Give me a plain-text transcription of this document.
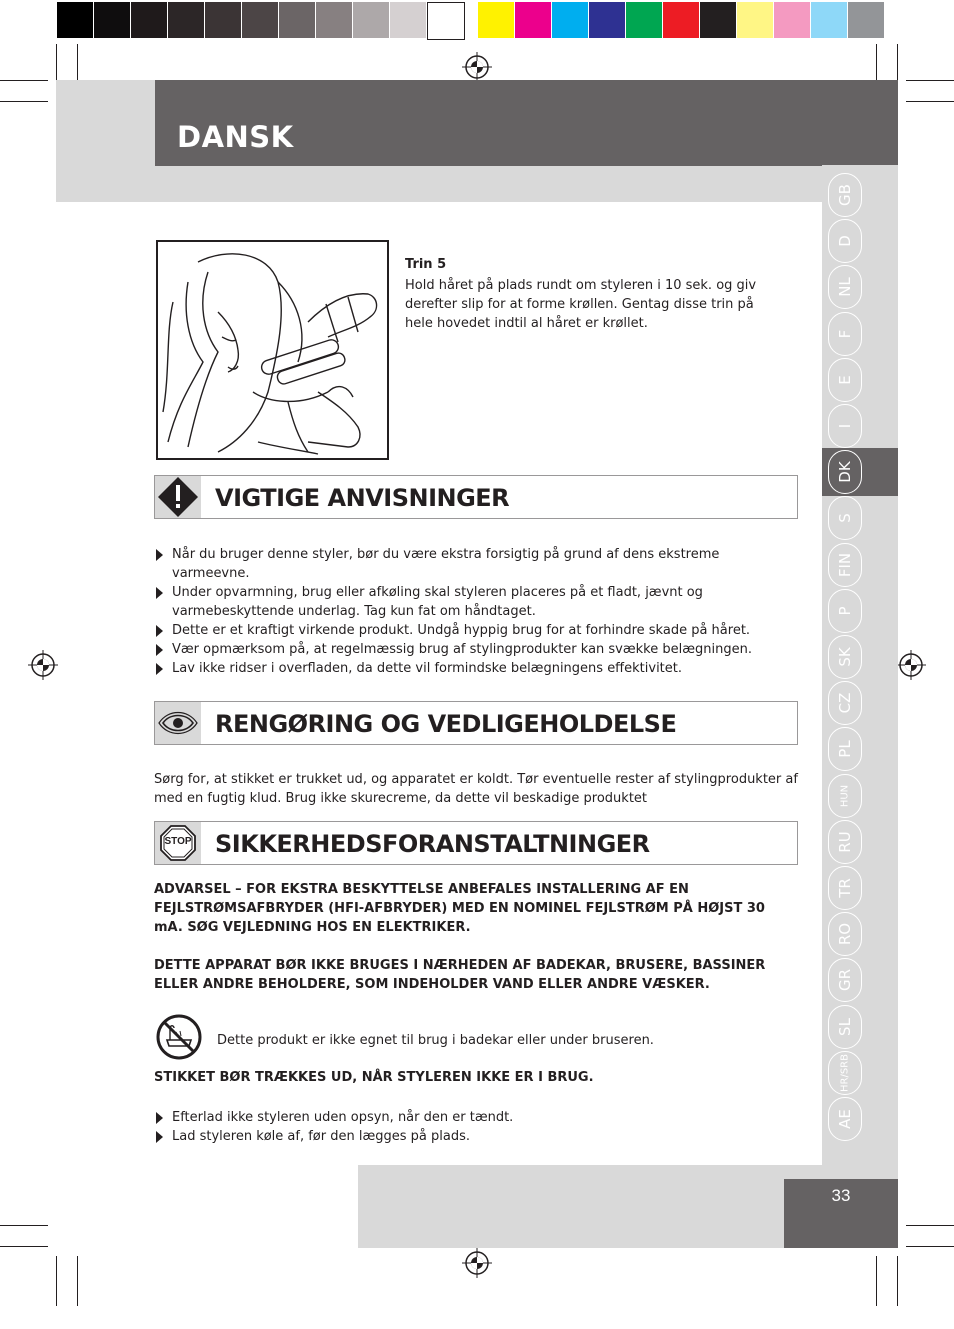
DANSK
GB
D
NL
F
E
I
DK
S
FIN
P
SK
CZ
PL
HUN
RU
TR
RO
GR
SL
HR/SRB
AE
Trin 5
Hold håret på plads rundt om styleren i 10 sek. og giv derefter slip for at forme krøllen. Gentag disse trin på hele hovedet indtil al håret er krøllet.
VIGTIGE ANVISNINGER
Når du bruger denne styler, bør du være ekstra forsigtig på grund af dens ekstreme varmeevne.
Under opvarmning, brug eller afkøling skal styleren placeres på et fladt, jævnt og varmebeskyttende underlag. Tag kun fat om håndtaget.
Dette er et kraftigt virkende produkt. Undgå hyppig brug for at forhindre skade på håret.
Vær opmærksom på, at regelmæssig brug af stylingprodukter kan svække belægningen.
Lav ikke ridser i overfladen, da dette vil formindske belægningens effektivitet.
RENGØRING OG VEDLIGEHOLDELSE
Sørg for, at stikket er trukket ud, og apparatet er koldt. Tør eventuelle rester af stylingprodukter af med en fugtig klud. Brug ikke skurecreme, da dette vil beskadige produktet
STOP SIKKERHEDSFORANSTALTNINGER
ADVARSEL – FOR EKSTRA BESKYTTELSE ANBEFALES INSTALLERING AF EN FEJLSTRØMSAFBRYDER (HFI-AFBRYDER) MED EN NOMINEL FEJLSTRØM PÅ HØJST 30 mA. SØG VEJLEDNING HOS EN ELEKTRIKER.
DETTE APPARAT BØR IKKE BRUGES I NÆRHEDEN AF BADEKAR, BRUSERE, BASSINER ELLER ANDRE BEHOLDERE, SOM INDEHOLDER VAND ELLER ANDRE VÆSKER.
Dette produkt er ikke egnet til brug i badekar eller under bruseren.
STIKKET BØR TRÆKKES UD, NÅR STYLEREN IKKE ER I BRUG.
Efterlad ikke styleren uden opsyn, når den er tændt.
Lad styleren køle af, før den lægges på plads.
33
